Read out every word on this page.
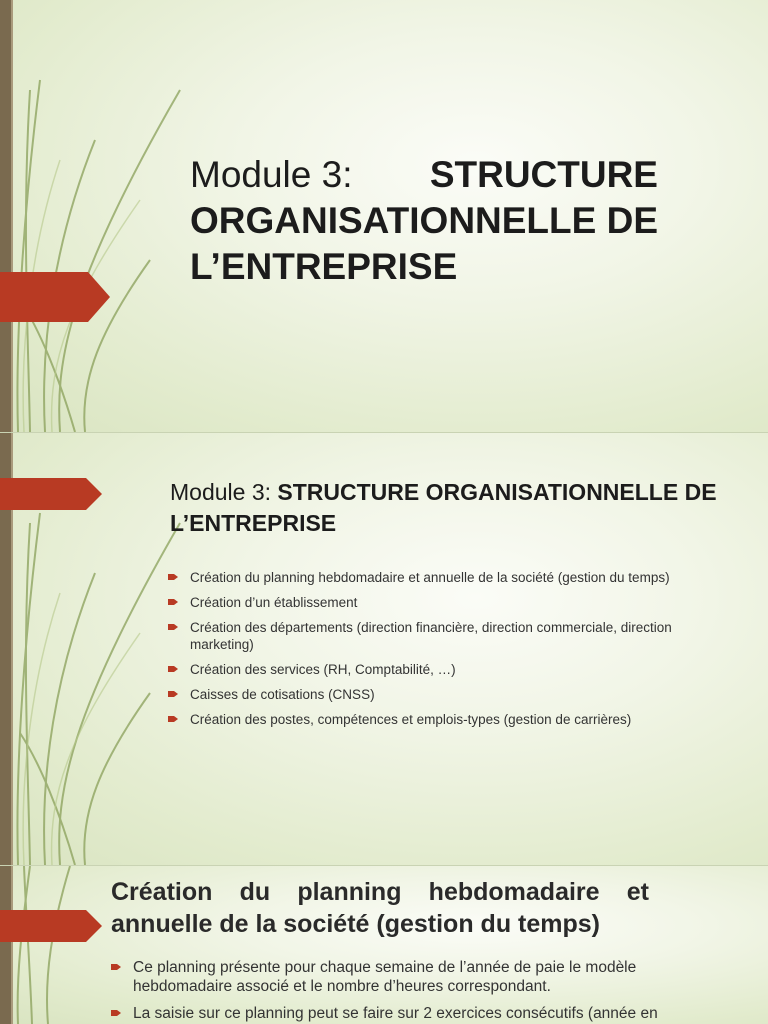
Module 3: STRUCTURE
ORGANISATIONNELLE DE
L’ENTREPRISE
Module 3: STRUCTURE ORGANISATIONNELLE DE L’ENTREPRISE
Création du planning hebdomadaire et annuelle de la société (gestion du temps)
Création d’un établissement
Création des départements (direction financière, direction commerciale, direction marketing)
Création des services (RH, Comptabilité, …)
Caisses de cotisations (CNSS)
Création des postes, compétences et emplois-types (gestion de carrières)
Création du planning hebdomadaire et
annuelle de la société (gestion du temps)
Ce planning présente pour chaque semaine de l’année de paie le modèle hebdomadaire associé et le nombre d’heures correspondant.
La saisie sur ce planning peut se faire sur 2 exercices consécutifs (année en
